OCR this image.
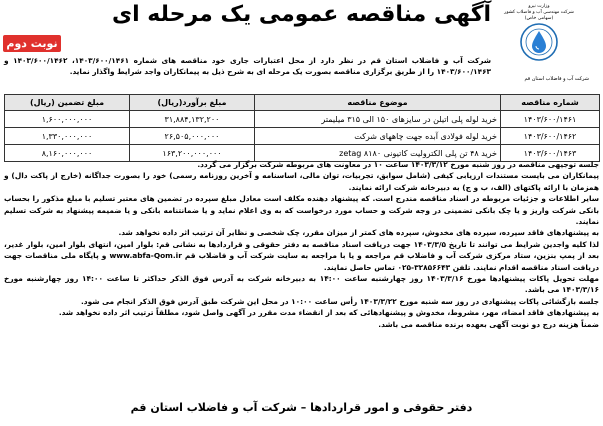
وزارت نیرو
شرکت مهندسی آب و فاضلاب کشور
(سهامی خاص)
شرکت آب و فاضلاب استان قم
آگهی مناقصه عمومی یک مرحله ای
نوبت دوم
شرکت آب و فاضلاب استان قم در نظر دارد از محل اعتبارات جاری خود مناقصه های شماره ۱۴۰۳/۶۰۰/۱۴۶۱، ۱۴۰۳/۶۰۰/۱۴۶۲ و ۱۴۰۳/۶۰۰/۱۴۶۳ را از طریق برگزاری مناقصه بصورت یک مرحله ای به شرح ذیل به پیمانکاران واجد شرایط واگذار نماید.
شماره مناقصه	موضوع مناقصه	مبلغ برآورد(ریال)	مبلغ تضمین (ریال)
۱۴۰۳/۶۰۰/۱۴۶۱	خرید لوله پلی اتیلن در سایزهای ۱۵۰ الی ۳۱۵ میلیمتر	۳۱,۸۸۴,۱۳۲,۲۰۰	۱,۶۰۰,۰۰۰,۰۰۰
۱۴۰۳/۶۰۰/۱۴۶۲	خرید لوله فولادی آبده جهت چاههای شرکت	۲۶,۵۰۵,۰۰۰,۰۰۰	۱,۳۳۰,۰۰۰,۰۰۰
۱۴۰۳/۶۰۰/۱۴۶۳	خرید ۴۸ تن پلی الکترولیت کاتیونی zetag ۸۱۸۰	۱۶۳,۲۰۰,۰۰۰,۰۰۰	۸,۱۶۰,۰۰۰,۰۰۰

جلسه توجیهی مناقصه در روز شنبه مورخ ۱۴۰۳/۳/۱۲ ساعت ۱۰ در معاونت های مربوطه شرکت برگزار می گردد.

پیمانکاران می بایست مستندات ارزیابی کیفی (شامل سوابق، تجربیات، توان مالی، اساسنامه و آخرین روزنامه رسمی) خود را بصورت جداگانه (خارج از پاکت دال) و همزمان با ارائه پاکتهای (الف، ب و ج) به دبیرخانه شرکت ارائه نمایند.

سایر اطلاعات و جزئیات مربوطه در اسناد مناقصه مندرج است. که پیشنهاد دهنده مکلف است معادل مبلغ سپرده در تضمین های معتبر تسلیم با مبلغ مذکور را بحساب بانکی شرکت واریز و یا چک بانکی تضمینی در وجه شرکت و حساب مورد درخواست که به وی اعلام نماید و یا ضمانتنامه بانکی و یا ضمیمه پیشنهاد به شرکت تسلیم نمایند.

به پیشنهادهای فاقد سپرده، سپرده های مخدوش، سپرده های کمتر از میزان مقرر، چک شخصی و نظایر آن ترتیب اثر داده نخواهد شد.

لذا کلیه واجدین شرایط می توانند تا تاریخ ۱۴۰۳/۳/۵ جهت دریافت اسناد مناقصه به دفتر حقوقی و قراردادها به نشانی قم: بلوار امین، انتهای بلوار امین، بلوار غدیر، بعد از پمپ بنزین، ستاد مرکزی شرکت آب و فاضلاب قم مراجعه و یا با مراجعه به سایت شرکت آب و فاضلاب قم www.abfa-Qom.ir و پایگاه ملی مناقصات جهت دریافت اسناد مناقصه اقدام نمایند. تلفن ۳۲۸۵۶۶۴۳-۰۲۵ تماس حاصل نمایند.

مهلت تحویل پاکات پیشنهادها مورخ ۱۴۰۳/۳/۱۶ روز چهارشنبه ساعت ۱۴:۰۰ به دبیرخانه شرکت به آدرس فوق الذکر حداکثر تا ساعت ۱۴:۰۰ روز چهارشنبه مورخ ۱۴۰۳/۳/۱۶ می باشد.

جلسه بازگشائی پاکات پیشنهادی در روز سه شنبه مورخ ۱۴۰۳/۳/۲۲ رأس ساعت ۱۰:۰۰ در محل این شرکت طبق آدرس فوق الذکر انجام می شود.

به پیشنهادهای فاقد امضاء، مهر، مشروط، مخدوش و پیشنهادهائی که بعد از انقضاء مدت مقرر در آگهی واصل شود، مطلقاً ترتیب اثر داده نخواهد شد.

ضمناً هزینه درج دو نوبت آگهی بعهده برنده مناقصه می باشد.

دفتر حقوقی و امور قراردادها – شرکت آب و فاضلاب استان قم
